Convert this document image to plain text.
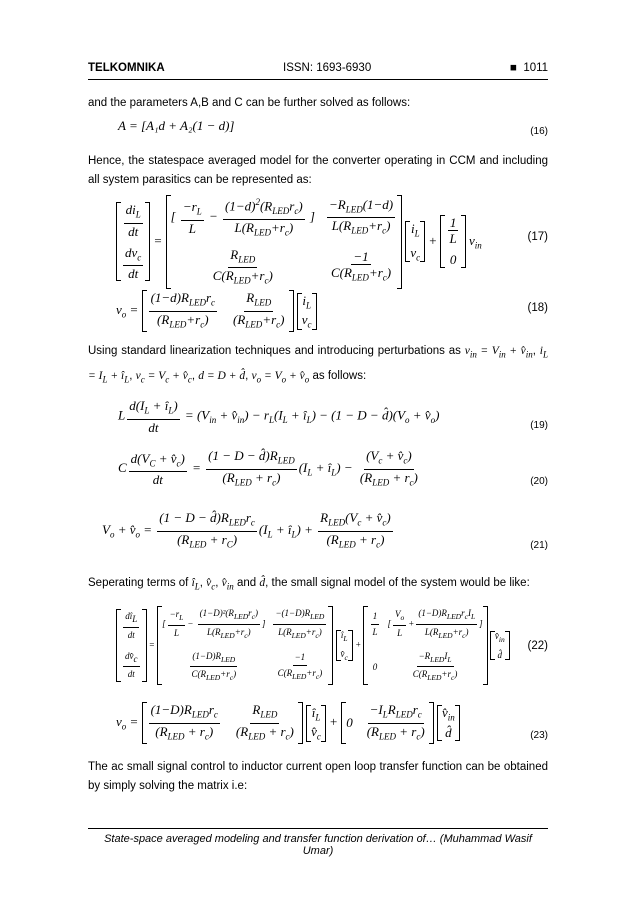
TELKOMNIKA	ISSN: 1693-6930	■ 1011
and the parameters A,B and C can be further solved as follows:
A = [A₁d + A₂(1 − d)]	(16)
Hence, the statespace averaged model for the converter operating in CCM and including all system parasitics can be represented as:
$\frac{di_L}{dt}$
$\frac{dv_c}{dt}$
=
[ $\frac{-r_L}{L} - \frac{(1-d)^2(R_{LED}r_c)}{L(R_{LED}+r_c)}$ ] $\frac{-R_{LED}(1-d)}{L(R_{LED}+r_c)}$
$\frac{R_{LED}}{C(R_{LED}+r_c)}$	$\frac{-1}{C(R_{LED}+r_c)}$

$i_L$
$v_c$
+ $\frac{1}{L}$
0
$v_{in}$
(17)
$v_o = \frac{(1-d)R_{LED}r_c}{(R_{LED}+r_c)} \frac{R_{LED}}{(R_{LED}+r_c)}$
$i_L$
$v_c$
(18)
Using standard linearization techniques and introducing perturbations as $v_{in} = V_{in}$ + $v̂_{in}$, $i_L = I_L$ + $î_L$, $v_c = V_c$ + $v̂_c$, d = D + d̂, $v_o = V_o$ + $v̂_o$ as follows:
L $\frac{d(I_L + î_L)}{dt} = (V_{in}$ + $v̂_{in}) - r_L(I_L$ + $î_L) - (1 - D$ − $d̂)(V_o$ + $v̂_o$)
(19)
C $\frac{d(V_C + v̂_c)}{dt} = \frac{(1 - D - d̂)R_{LED}}{(R_{LED} + r_c)} (I_L$ + $î_L) - \frac{(V_c + v̂_c)}{(R_{LED} + r_c)}$	(20)
$V_o$ + $v̂_o = \frac{(1 - D - d̂)R_{LED}r_c}{(R_{LED} + r_C)} (I_L$ + $î_L) + \frac{R_{LED}(V_c + v̂_c)}{(R_{LED} + r_c)}$	(21)
Seperating terms of $î_L$, $v̂_c$, $v̂_{in}$ and d̂, the small signal model of the system would be like:
$\frac{dî_L}{dt}$
$\frac{dv̂_c}{dt}$
=
[ $\frac{-r_L}{L} - \frac{(1-D)^2(R_{LED}r_c)}{L(R_{LED}+r_c)}$ ] $\frac{-(1-D)R_{LED}}{L(R_{LED}+r_c)}$
$\frac{(1-D)R_{LED}}{C(R_{LED}+r_c)}$	$\frac{-1}{C(R_{LED}+r_c)}$

$î_L$
$v̂_c$
+
$\frac{1}{L}$ [ $\frac{V_o}{L} + \frac{(1-D)R_{LED}r_cI_L}{L(R_{LED}+r_c)}$ ]
0	$\frac{-R_{LED}I_L}{C(R_{LED}+r_c)}$

$v̂_{in}$
d̂
(22)
$v_o = \frac{(1-D)R_{LED}r_c}{(R_{LED} + r_c)} \frac{R_{LED}}{(R_{LED} + r_c)}$
$î_L$
$v̂_c$
+ $0 \frac{-I_LR_{LED}r_c}{(R_{LED} + r_c)}$
$v̂_{in}$
d̂	(23)
The ac small signal control to inductor current open loop transfer function can be obtained by simply solving the matrix i.e:
State-space averaged modeling and transfer function derivation of… (Muhammad Wasif Umar)
